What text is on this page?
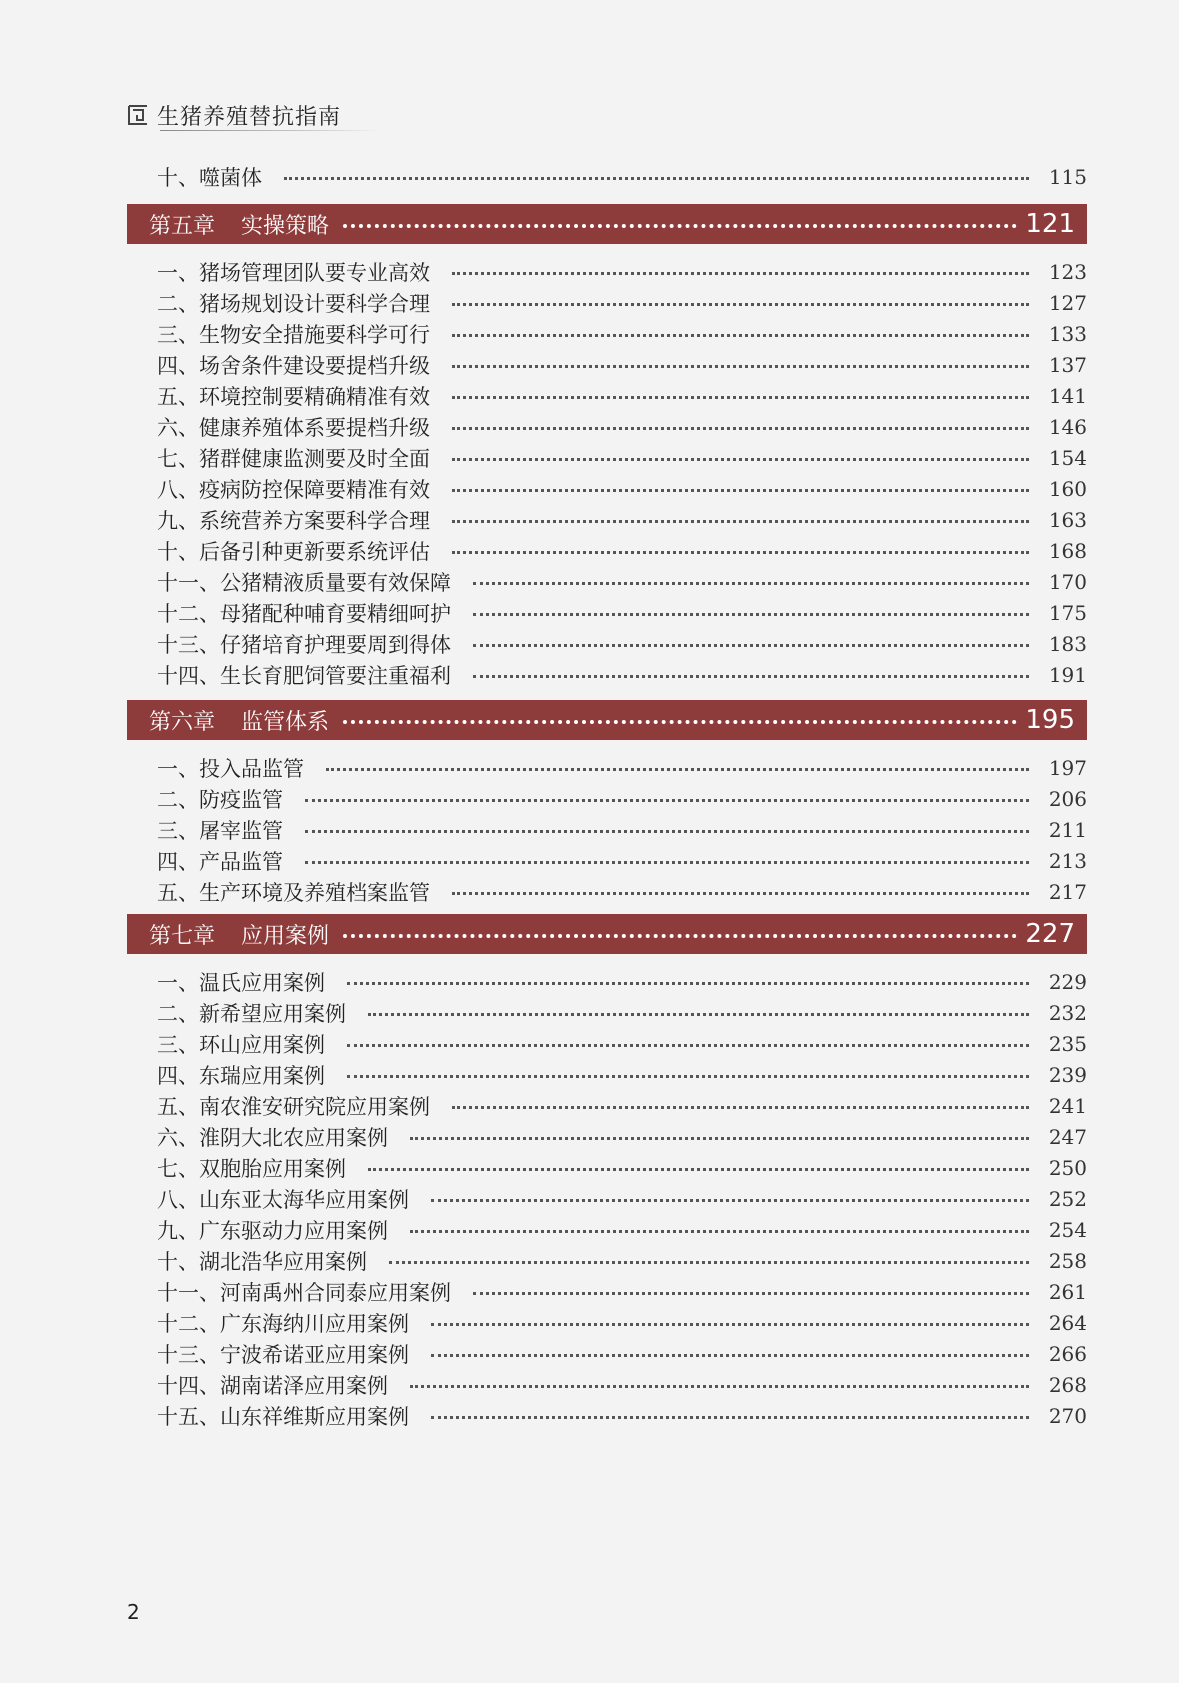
生猪养殖替抗指南
十、噬菌体	115
第五章 实操策略	121
一、猪场管理团队要专业高效	123
二、猪场规划设计要科学合理	127
三、生物安全措施要科学可行	133
四、场舍条件建设要提档升级	137
五、环境控制要精确精准有效	141
六、健康养殖体系要提档升级	146
七、猪群健康监测要及时全面	154
八、疫病防控保障要精准有效	160
九、系统营养方案要科学合理	163
十、后备引种更新要系统评估	168
十一、公猪精液质量要有效保障	170
十二、母猪配种哺育要精细呵护	175
十三、仔猪培育护理要周到得体	183
十四、生长育肥饲管要注重福利	191
第六章 监管体系	195
一、投入品监管	197
二、防疫监管	206
三、屠宰监管	211
四、产品监管	213
五、生产环境及养殖档案监管	217
第七章 应用案例	227
一、温氏应用案例	229
二、新希望应用案例	232
三、环山应用案例	235
四、东瑞应用案例	239
五、南农淮安研究院应用案例	241
六、淮阴大北农应用案例	247
七、双胞胎应用案例	250
八、山东亚太海华应用案例	252
九、广东驱动力应用案例	254
十、湖北浩华应用案例	258
十一、河南禹州合同泰应用案例	261
十二、广东海纳川应用案例	264
十三、宁波希诺亚应用案例	266
十四、湖南诺泽应用案例	268
十五、山东祥维斯应用案例	270
2
